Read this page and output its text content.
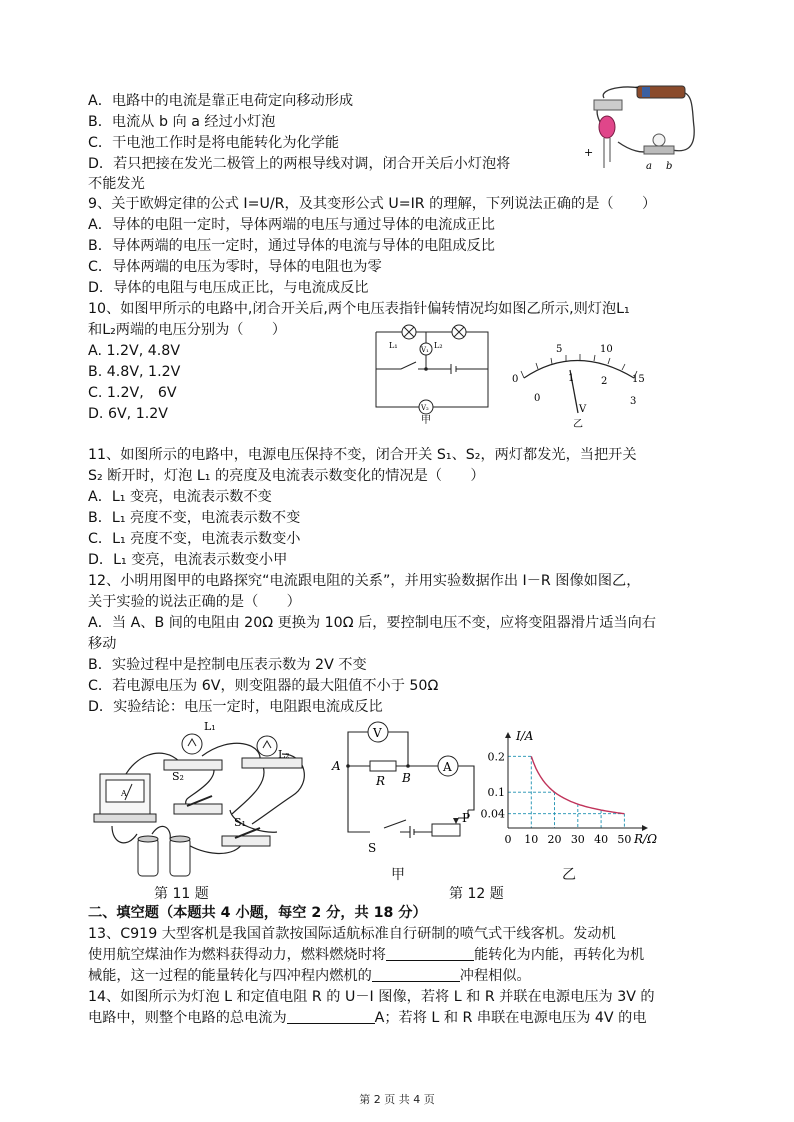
A．电路中的电流是靠正电荷定向移动形成
B．电流从 b 向 a 经过小灯泡
C．干电池工作时是将电能转化为化学能
D．若只把接在发光二极管上的两根导线对调，闭合开关后小灯泡将
不能发光
-
+
a b
9、关于欧姆定律的公式 I=U/R，及其变形公式 U=IR 的理解，下列说法正确的是（　　）
A．导体的电阻一定时，导体两端的电压与通过导体的电流成正比
B．导体两端的电压一定时，通过导体的电流与导体的电阻成反比
C．导体两端的电压为零时，导体的电阻也为零
D．导体的电阻与电压成正比，与电流成反比
10、如图甲所示的电路中,闭合开关后,两个电压表指针偏转情况均如图乙所示,则灯泡L₁
和L₂两端的电压分别为（　　）
A. 1.2V, 4.8V
B. 4.8V, 1.2V
C. 1.2V,　6V
D. 6V, 1.2V
L₁	L₂
V₁
V₂
甲
0
5	10
15
0
1	2
3
V
乙
11、如图所示的电路中，电源电压保持不变，闭合开关 S₁、S₂，两灯都发光，当把开关
S₂ 断开时，灯泡 L₁ 的亮度及电流表示数变化的情况是（　　）
A．L₁ 变亮，电流表示数不变
B．L₁ 亮度不变，电流表示数不变
C．L₁ 亮度不变，电流表示数变小
D．L₁ 变亮，电流表示数变小甲
12、小明用图甲的电路探究“电流跟电阻的关系”，并用实验数据作出 I－R 图像如图乙，
关于实验的说法正确的是（　　）
A．当 A、B 间的电阻由 20Ω 更换为 10Ω 后，要控制电压不变，应将变阻器滑片适当向右
移动
B．实验过程中是控制电压表示数为 2V 不变
C．若电源电压为 6V，则变阻器的最大阻值不小于 50Ω
D．实验结论：电压一定时，电阻跟电流成反比
L₁
L₂
S₂
S₁
A
V
A
A
B
R
P
S
0.2
0.1
0.04
0 10 20 30 40 50
I/A
R/Ω
第 11 题
甲
第 12 题
乙
二、填空题（本题共 4 小题，每空 2 分，共 18 分）
13、C919 大型客机是我国首款按国际适航标准自行研制的喷气式干线客机。发动机
使用航空煤油作为燃料获得动力，燃料燃烧时将	能转化为内能，再转化为机
械能，这一过程的能量转化与四冲程内燃机的	冲程相似。
14、如图所示为灯泡 L 和定值电阻 R 的 U－I 图像，若将 L 和 R 并联在电源电压为 3V 的
电路中，则整个电路的总电流为	A；若将 L 和 R 串联在电源电压为 4V 的电
第 2 页 共 4 页
